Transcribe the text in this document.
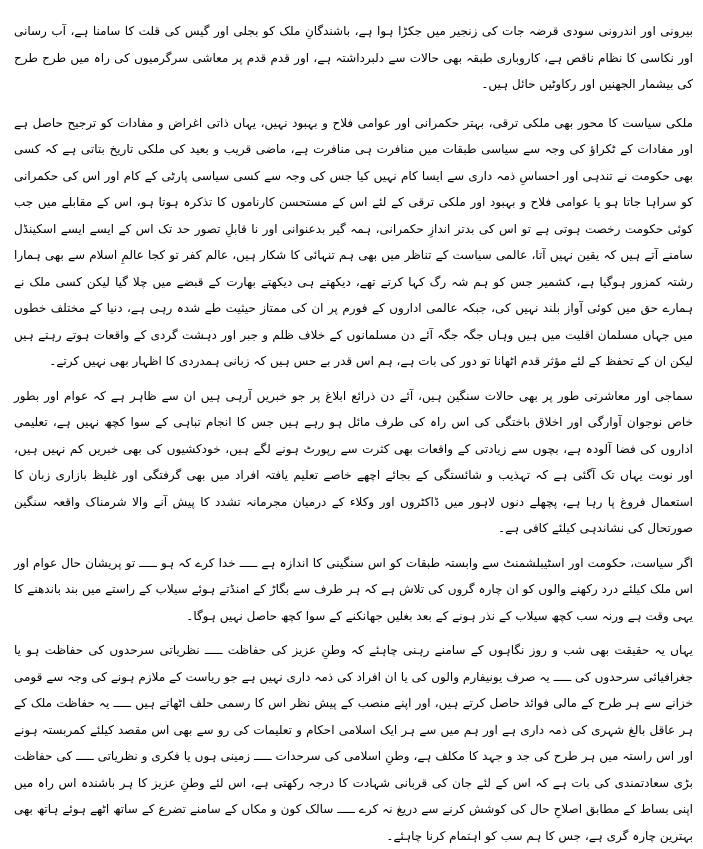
بیرونی اور اندرونی سودی قرضہ جات کی زنجیر میں جکڑا ہوا ہے، باشندگانِ ملک کو بجلی اور گیس کی قلت کا سامنا ہے، آب رسانی اور نکاسی کا نظام ناقص ہے، کاروباری طبقہ بھی حالات سے دلبرداشتہ ہے، اور قدم قدم پر معاشی سرگرمیوں کی راہ میں طرح طرح کی بیشمار الجھنیں اور رکاوٹیں حائل ہیں۔

ملکی سیاست کا محور بھی ملکی ترقی، بہتر حکمرانی اور عوامی فلاح و بہبود نہیں، یہاں ذاتی اغراض و مفادات کو ترجیح حاصل ہے اور مفادات کے ٹکراؤ کی وجہ سے سیاسی طبقات میں منافرت ہی منافرت ہے، ماضی قریب و بعید کی ملکی تاریخ بتاتی ہے کہ کسی بھی حکومت نے تندہی اور احساسِ ذمہ داری سے ایسا کام نہیں کیا جس کی وجہ سے کسی سیاسی پارٹی کے کام اور اس کی حکمرانی کو سراہا جاتا ہو یا عوامی فلاح و بہبود اور ملکی ترقی کے لئے اس کے مستحسن کارناموں کا تذکرہ ہوتا ہو، اس کے مقابلے میں جب کوئی حکومت رخصت ہوتی ہے تو اس کی بدتر اندازِ حکمرانی، ہمہ گیر بدعنوانی اور نا قابلِ تصور حد تک اس کے ایسے ایسے اسکینڈل سامنے آتے ہیں کہ یقین نہیں آتا، عالمی سیاست کے تناظر میں بھی ہم تنہائی کا شکار ہیں، عالم کفر تو کجا عالمِ اسلام سے بھی ہمارا رشتہ کمزور ہوگیا ہے، کشمیر جس کو ہم شہ رگ کہا کرتے تھے، دیکھتے ہی دیکھتے بھارت کے قبضے میں چلا گیا لیکن کسی ملک نے ہمارے حق میں کوئی آواز بلند نہیں کی، جبکہ عالمی اداروں کے فورم پر ان کی ممتاز حیثیت طے شدہ رہی ہے، دنیا کے مختلف خطوں میں جہاں مسلمان اقلیت میں ہیں وہاں جگہ جگہ آئے دن مسلمانوں کے خلاف ظلم و جبر اور دہشت گردی کے واقعات ہوتے رہتے ہیں لیکن ان کے تحفظ کے لئے مؤثر قدم اٹھانا تو دور کی بات ہے، ہم اس قدر بے حس ہیں کہ زبانی ہمدردی کا اظہار بھی نہیں کرتے۔

سماجی اور معاشرتی طور پر بھی حالات سنگین ہیں، آئے دن ذرائع ابلاغ پر جو خبریں آرہی ہیں ان سے ظاہر ہے کہ عوام اور بطور خاص نوجوان آوارگی اور اخلاق باختگی کی اس راہ کی طرف مائل ہو رہے ہیں جس کا انجام تباہی کے سوا کچھ نہیں ہے، تعلیمی اداروں کی فضا آلودہ ہے، بچوں سے زیادتی کے واقعات بھی کثرت سے رپورٹ ہونے لگے ہیں، خودکشیوں کی بھی خبریں کم نہیں ہیں، اور نوبت یہاں تک آگئی ہے کہ تہذیب و شائستگی کے بجائے اچھے خاصے تعلیم یافتہ افراد میں بھی گرفتگی اور غلیظ بازاری زبان کا استعمال فروغ پا رہا ہے، پچھلے دنوں لاہور میں ڈاکٹروں اور وکلاء کے درمیان مجرمانہ تشدد کا پیش آنے والا شرمناک واقعہ سنگین صورتحال کی نشاندہی کیلئے کافی ہے۔

اگر سیاست، حکومت اور اسٹیبلشمنٹ سے وابستہ طبقات کو اس سنگینی کا اندازہ ہے ـــــ خدا کرے کہ ہو ـــــ تو پریشان حال عوام اور اس ملک کیلئے درد رکھنے والوں کو ان چارہ گروں کی تلاش ہے کہ ہر طرف سے بگاڑ کے امنڈتے ہوئے سیلاب کے راستے میں بند باندھنے کا یہی وقت ہے ورنہ سب کچھ سیلاب کے نذر ہونے کے بعد بغلیں جھانکنے کے سوا کچھ حاصل نہیں ہوگا۔

یہاں یہ حقیقت بھی شب و روز نگاہوں کے سامنے رہنی چاہئے کہ وطنِ عزیز کی حفاظت ـــــ نظریاتی سرحدوں کی حفاظت ہو یا جغرافیائی سرحدوں کی ـــــ یہ صرف یونیفارم والوں کی یا ان افراد کی ذمہ داری نہیں ہے جو ریاست کے ملازم ہونے کی وجہ سے قومی خزانے سے ہر طرح کے مالی فوائد حاصل کرتے ہیں، اور اپنے منصب کے پیش نظر اس کا رسمی حلف اٹھاتے ہیں ـــــ یہ حفاظت ملک کے ہر عاقل بالغ شہری کی ذمہ داری ہے اور ہم میں سے ہر ایک اسلامی احکام و تعلیمات کی رو سے بھی اس مقصد کیلئے کمربستہ ہونے اور اس راستہ میں ہر طرح کی جد و جہد کا مکلف ہے، وطنِ اسلامی کی سرحدات ـــــ زمینی ہوں یا فکری و نظریاتی ـــــ کی حفاظت بڑی سعادتمندی کی بات ہے کہ اس کے لئے جان کی قربانی شہادت کا درجہ رکھتی ہے، اس لئے وطنِ عزیز کا ہر باشندہ اس راہ میں اپنی بساط کے مطابق اصلاحِ حال کی کوشش کرنے سے دریغ نہ کرے ـــــ سالک کون و مکاں کے سامنے تضرع کے ساتھ اٹھے ہوئے ہاتھ بھی بہترین چارہ گری ہے، جس کا ہم سب کو اہتمام کرنا چاہئے۔
